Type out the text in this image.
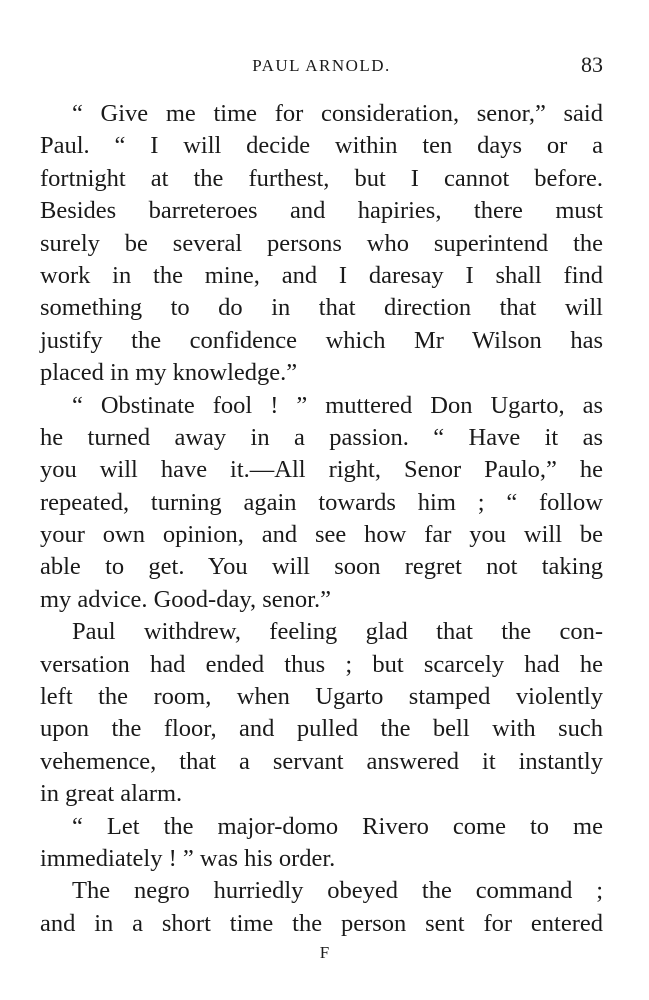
PAUL ARNOLD.	83
“ Give me time for consideration, senor,” said
Paul. “ I will decide within ten days or a
fortnight at the furthest, but I cannot before.
Besides barreteroes and hapiries, there must
surely be several persons who superintend the
work in the mine, and I daresay I shall find
something to do in that direction that will
justify the confidence which Mr Wilson has
placed in my knowledge.”
“ Obstinate fool ! ” muttered Don Ugarto, as
he turned away in a passion. “ Have it as
you will have it.—All right, Senor Paulo,” he
repeated, turning again towards him ; “ follow
your own opinion, and see how far you will be
able to get. You will soon regret not taking
my advice. Good-day, senor.”
Paul withdrew, feeling glad that the con-
versation had ended thus ; but scarcely had he
left the room, when Ugarto stamped violently
upon the floor, and pulled the bell with such
vehemence, that a servant answered it instantly
in great alarm.
“ Let the major-domo Rivero come to me
immediately ! ” was his order.
The negro hurriedly obeyed the command ;
and in a short time the person sent for entered
F
